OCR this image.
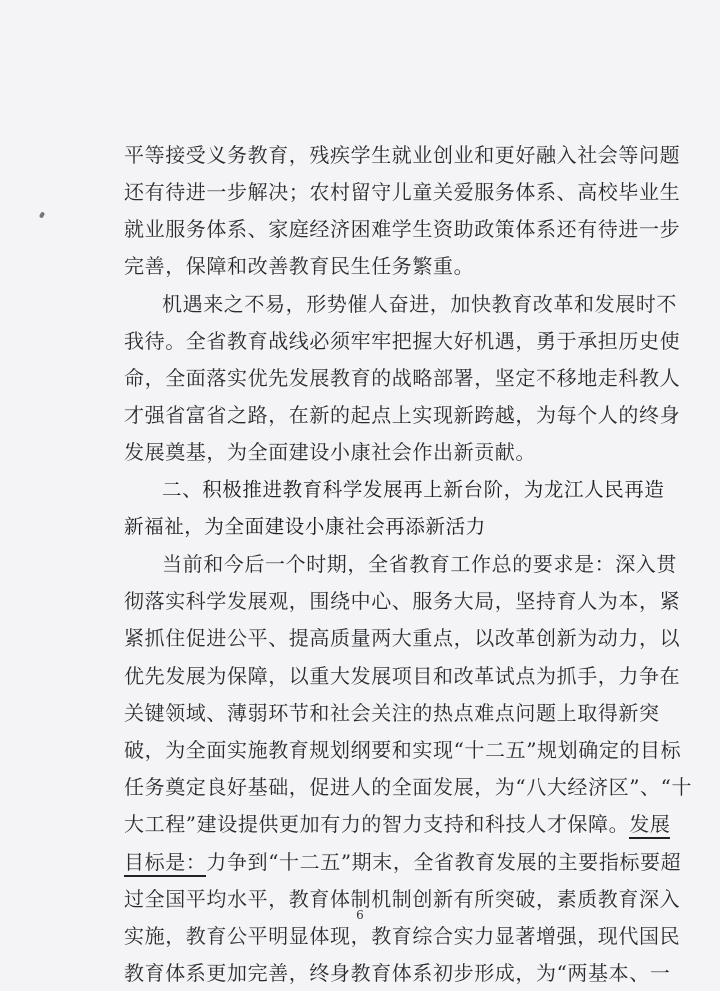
平等接受义务教育，残疾学生就业创业和更好融入社会等问题
还有待进一步解决；农村留守儿童关爱服务体系、高校毕业生
就业服务体系、家庭经济困难学生资助政策体系还有待进一步
完善，保障和改善教育民生任务繁重。
机遇来之不易，形势催人奋进，加快教育改革和发展时不
我待。全省教育战线必须牢牢把握大好机遇，勇于承担历史使
命，全面落实优先发展教育的战略部署，坚定不移地走科教人
才强省富省之路，在新的起点上实现新跨越，为每个人的终身
发展奠基，为全面建设小康社会作出新贡献。
二、积极推进教育科学发展再上新台阶，为龙江人民再造
新福祉，为全面建设小康社会再添新活力
当前和今后一个时期，全省教育工作总的要求是：深入贯
彻落实科学发展观，围绕中心、服务大局，坚持育人为本，紧
紧抓住促进公平、提高质量两大重点，以改革创新为动力，以
优先发展为保障，以重大发展项目和改革试点为抓手，力争在
关键领域、薄弱环节和社会关注的热点难点问题上取得新突
破，为全面实施教育规划纲要和实现“十二五”规划确定的目标
任务奠定良好基础，促进人的全面发展，为“八大经济区”、“十
大工程”建设提供更加有力的智力支持和科技人才保障。发展
目标是：力争到“十二五”期末，全省教育发展的主要指标要超
过全国平均水平，教育体制机制创新有所突破，素质教育深入
实施，教育公平明显体现，教育综合实力显著增强，现代国民
教育体系更加完善，终身教育体系初步形成，为“两基本、一
6
